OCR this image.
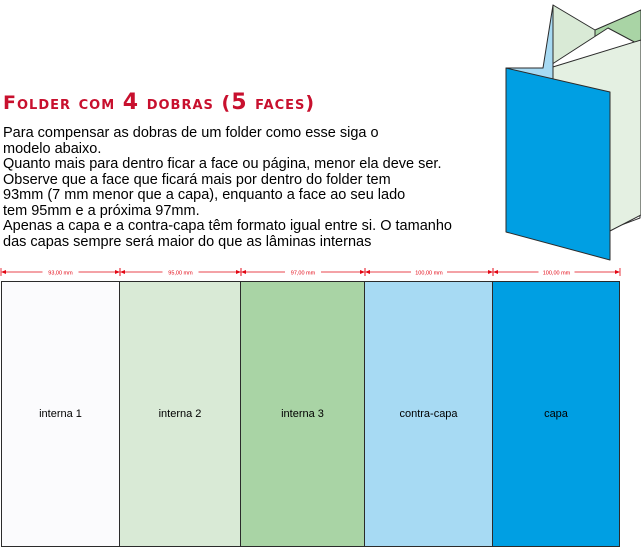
Folder com 4 dobras (5 faces)
Para compensar as dobras de um folder como esse siga o
modelo abaixo.
Quanto mais para dentro ficar a face ou página, menor ela deve ser.
Observe que a face que ficará mais por dentro do folder tem
93mm (7 mm menor que a capa), enquanto a face ao seu lado
tem 95mm e a próxima 97mm.
Apenas a capa e a contra-capa têm formato igual entre si. O tamanho
das capas sempre será maior do que as lâminas internas
93,00 mm	95,00 mm	97,00 mm	100,00 mm	100,00 mm
interna 1	interna 2	interna 3	contra-capa	capa
